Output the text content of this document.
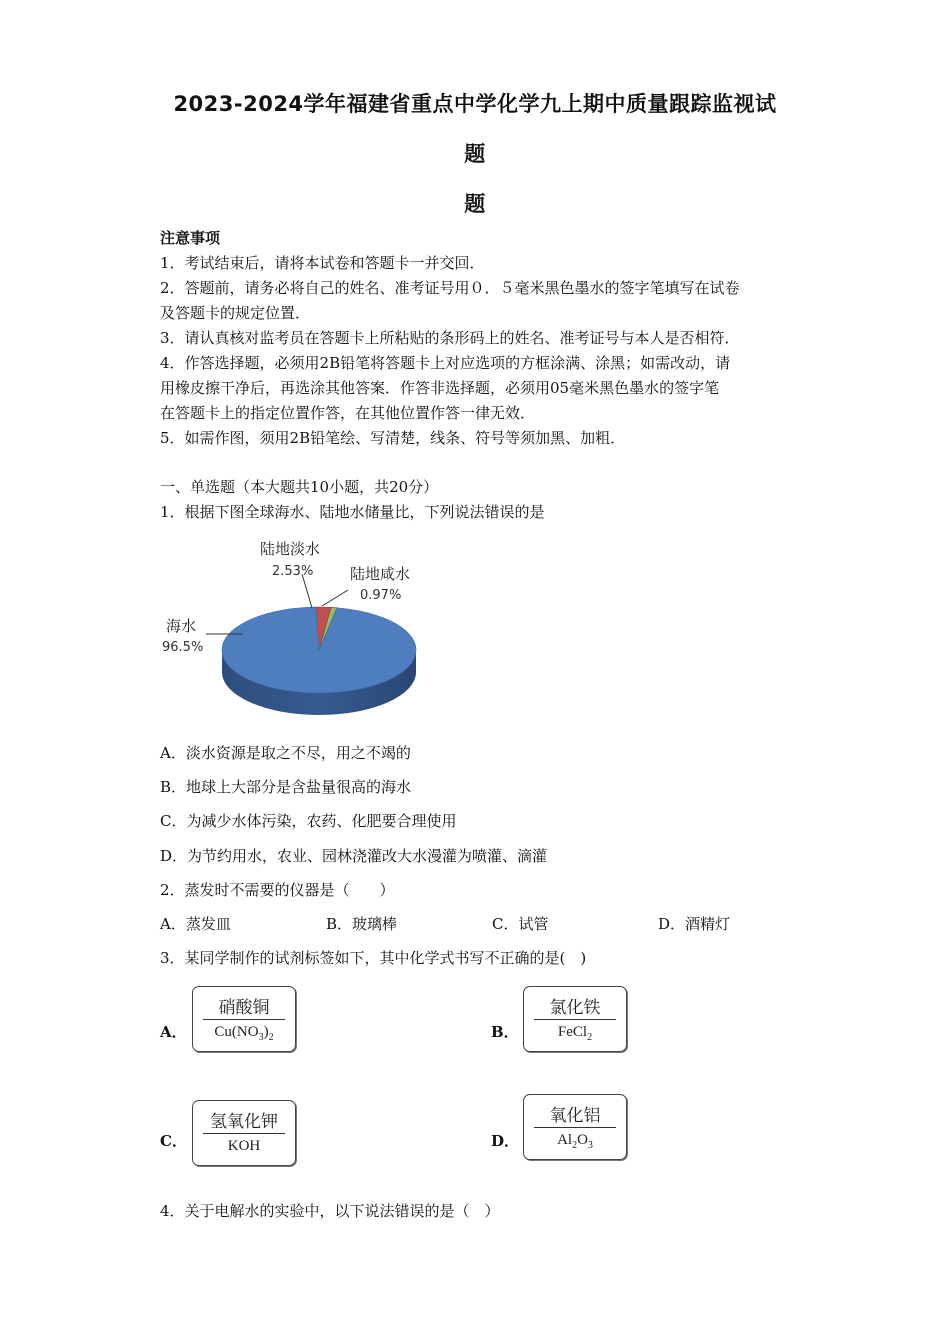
2023-2024学年福建省重点中学化学九上期中质量跟踪监视试
题
题
注意事项
1．考试结束后，请将本试卷和答题卡一并交回．
2．答题前，请务必将自己的姓名、准考证号用０．５毫米黑色墨水的签字笔填写在试卷
及答题卡的规定位置．
3．请认真核对监考员在答题卡上所粘贴的条形码上的姓名、准考证号与本人是否相符．
4．作答选择题，必须用2B铅笔将答题卡上对应选项的方框涂满、涂黑；如需改动，请
用橡皮擦干净后，再选涂其他答案．作答非选择题，必须用05毫米黑色墨水的签字笔
在答题卡上的指定位置作答，在其他位置作答一律无效．
5．如需作图，须用2B铅笔绘、写清楚，线条、符号等须加黑、加粗．
一、单选题（本大题共10小题，共20分）
1．根据下图全球海水、陆地水储量比，下列说法错误的是
陆地淡水
2.53% 陆地咸水
0.97%
海水
96.5%
A．淡水资源是取之不尽，用之不竭的
B．地球上大部分是含盐量很高的海水
C．为减少水体污染，农药、化肥要合理使用
D．为节约用水，农业、园林浇灌改大水漫灌为喷灌、滴灌
2．蒸发时不需要的仪器是（　　）
A．蒸发皿	B．玻璃棒	C．试管	D．酒精灯
3．某同学制作的试剂标签如下，其中化学式书写不正确的是(　)
A．
硝酸铜
$Cu(NO_3)_2$	B．
氯化铁
FeCl$_2$
C．
氢氧化钾
KOH	D．
氧化铝
$Al_2O_3$
4．关于电解水的实验中，以下说法错误的是（　）
